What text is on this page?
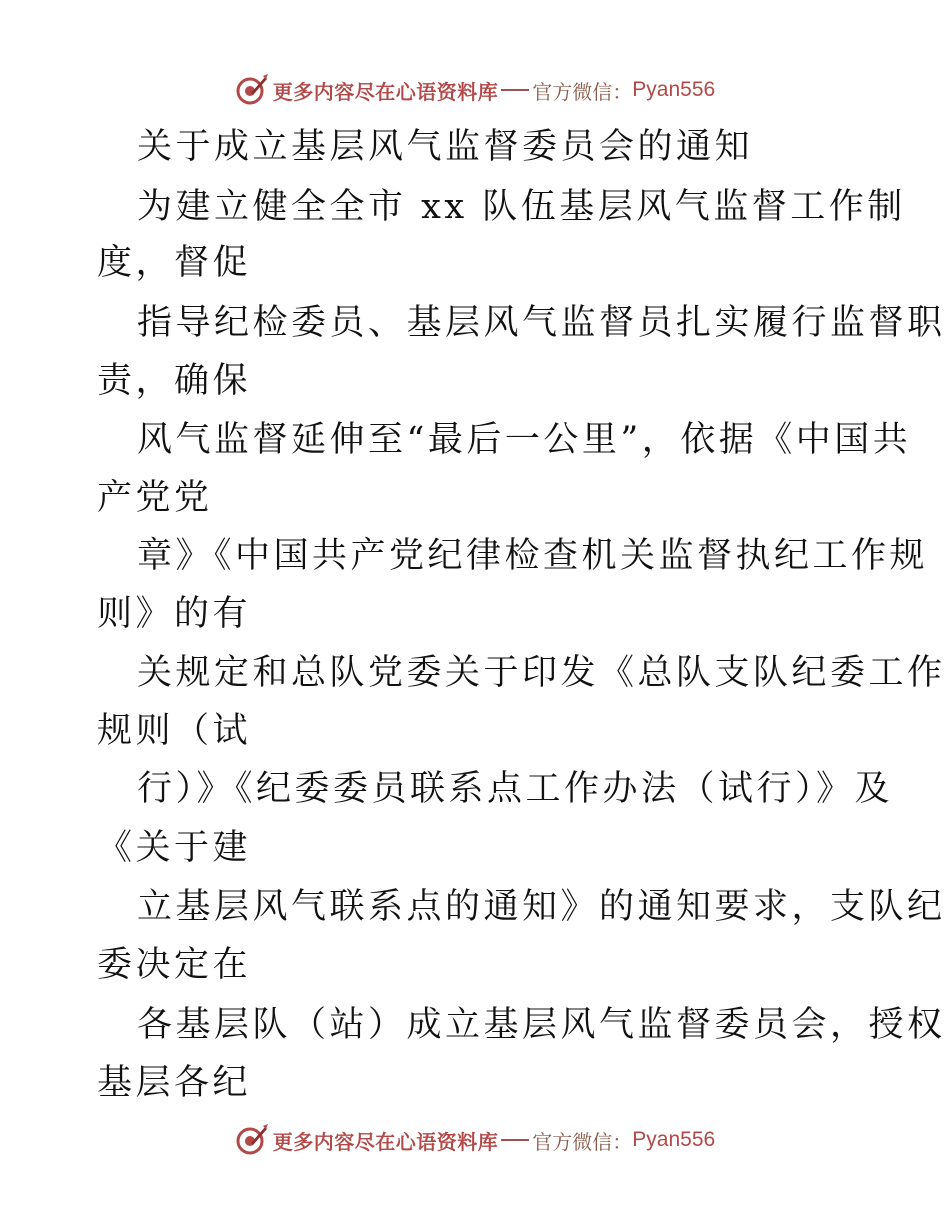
更多内容尽在心语资料库 官方微信： Pyan556
关于成立基层风气监督委员会的通知
为建立健全全市 xx 队伍基层风气监督工作制
度，督促
指导纪检委员、基层风气监督员扎实履行监督职
责，确保
风气监督延伸至“最后一公里”，依据《中国共
产党党
章》《中国共产党纪律检查机关监督执纪工作规
则》的有
关规定和总队党委关于印发《总队支队纪委工作
规则（试
行）》《纪委委员联系点工作办法（试行）》及
《关于建
立基层风气联系点的通知》的通知要求，支队纪
委决定在
各基层队（站）成立基层风气监督委员会，授权
基层各纪
更多内容尽在心语资料库 官方微信： Pyan556
